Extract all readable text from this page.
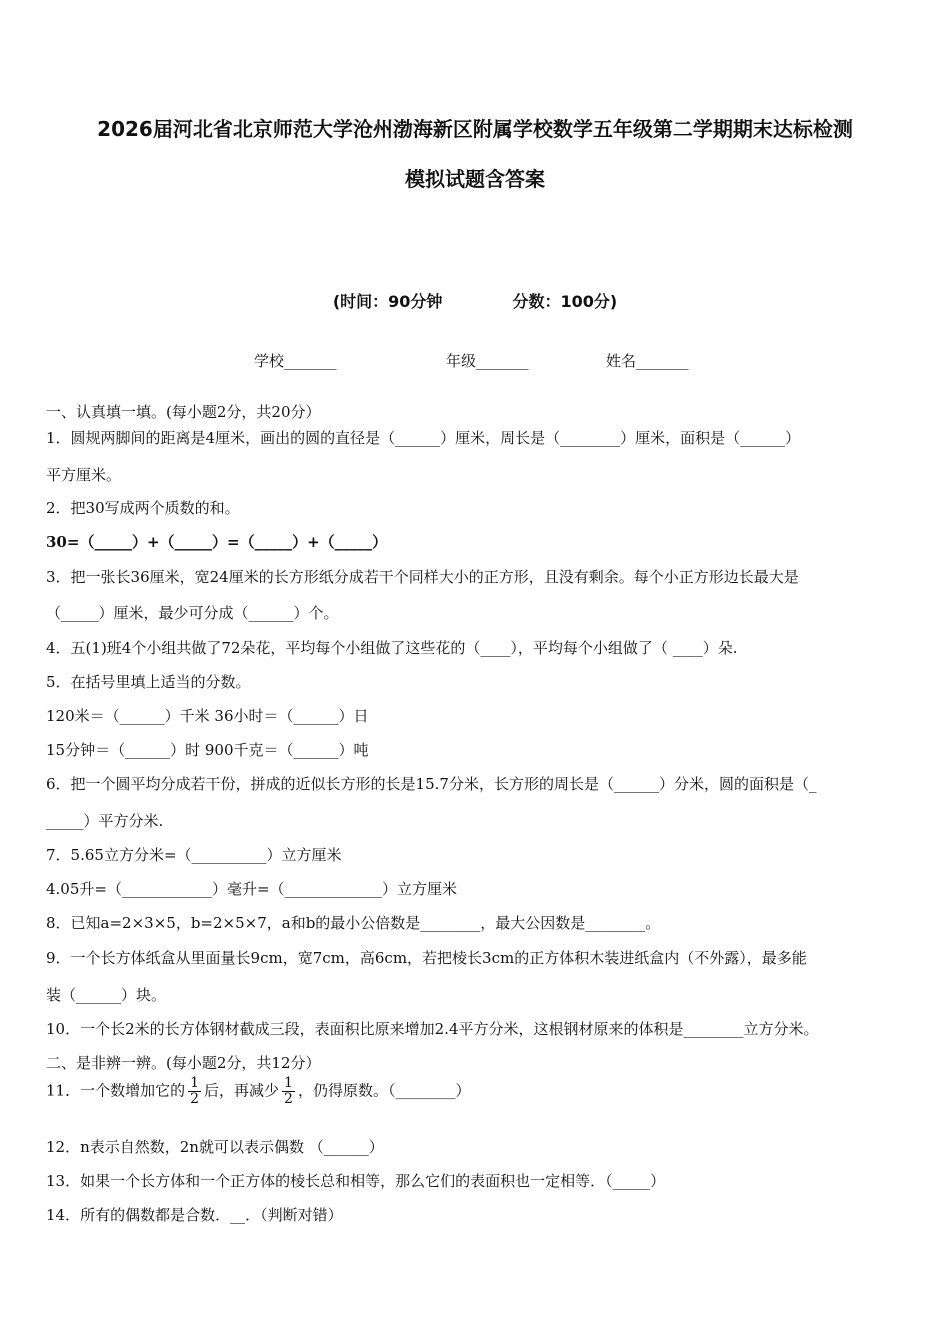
2026届河北省北京师范大学沧州渤海新区附属学校数学五年级第二学期期末达标检测
模拟试题含答案
(时间：90分钟	分数：100分)
学校_______	年级_______	姓名_______
一、认真填一填。(每小题2分，共20分）
1．圆规两脚间的距离是4厘米，画出的圆的直径是（______）厘米，周长是（________）厘米，面积是（______）
平方厘米。
2．把30写成两个质数的和。
30=（_____）+（_____）=（_____）+（_____）
3．把一张长36厘米，宽24厘米的长方形纸分成若干个同样大小的正方形，且没有剩余。每个小正方形边长最大是
（_____）厘米，最少可分成（______）个。
4．五(1)班4个小组共做了72朵花，平均每个小组做了这些花的（____），平均每个小组做了（ ____）朵.
5．在括号里填上适当的分数。
120米＝（______）千米 36小时＝（______）日
15分钟＝（______）时 900千克＝（______）吨
6．把一个圆平均分成若干份，拼成的近似长方形的长是15.7分米，长方形的周长是（______）分米，圆的面积是（_
_____）平方分米.
7．5.65立方分米=（__________）立方厘米
4.05升=（____________）毫升=（_____________）立方厘米
8．已知a=2×3×5，b=2×5×7，a和b的最小公倍数是________，最大公因数是________。
9．一个长方体纸盒从里面量长9cm，宽7cm，高6cm，若把棱长3cm的正方体积木装进纸盒内（不外露），最多能
装（______）块。
10．一个长2米的长方体钢材截成三段，表面积比原来增加2.4平方分米，这根钢材原来的体积是________立方分米。
二、是非辨一辨。(每小题2分，共12分）
11．一个数增加它的 $\frac{1}{2}$ 后，再减少 $\frac{1}{2}$ ，仍得原数。（________）
12．n表示自然数，2n就可以表示偶数 （______）
13．如果一个长方体和一个正方体的棱长总和相等，那么它们的表面积也一定相等．（_____）
14．所有的偶数都是合数．__．（判断对错）
